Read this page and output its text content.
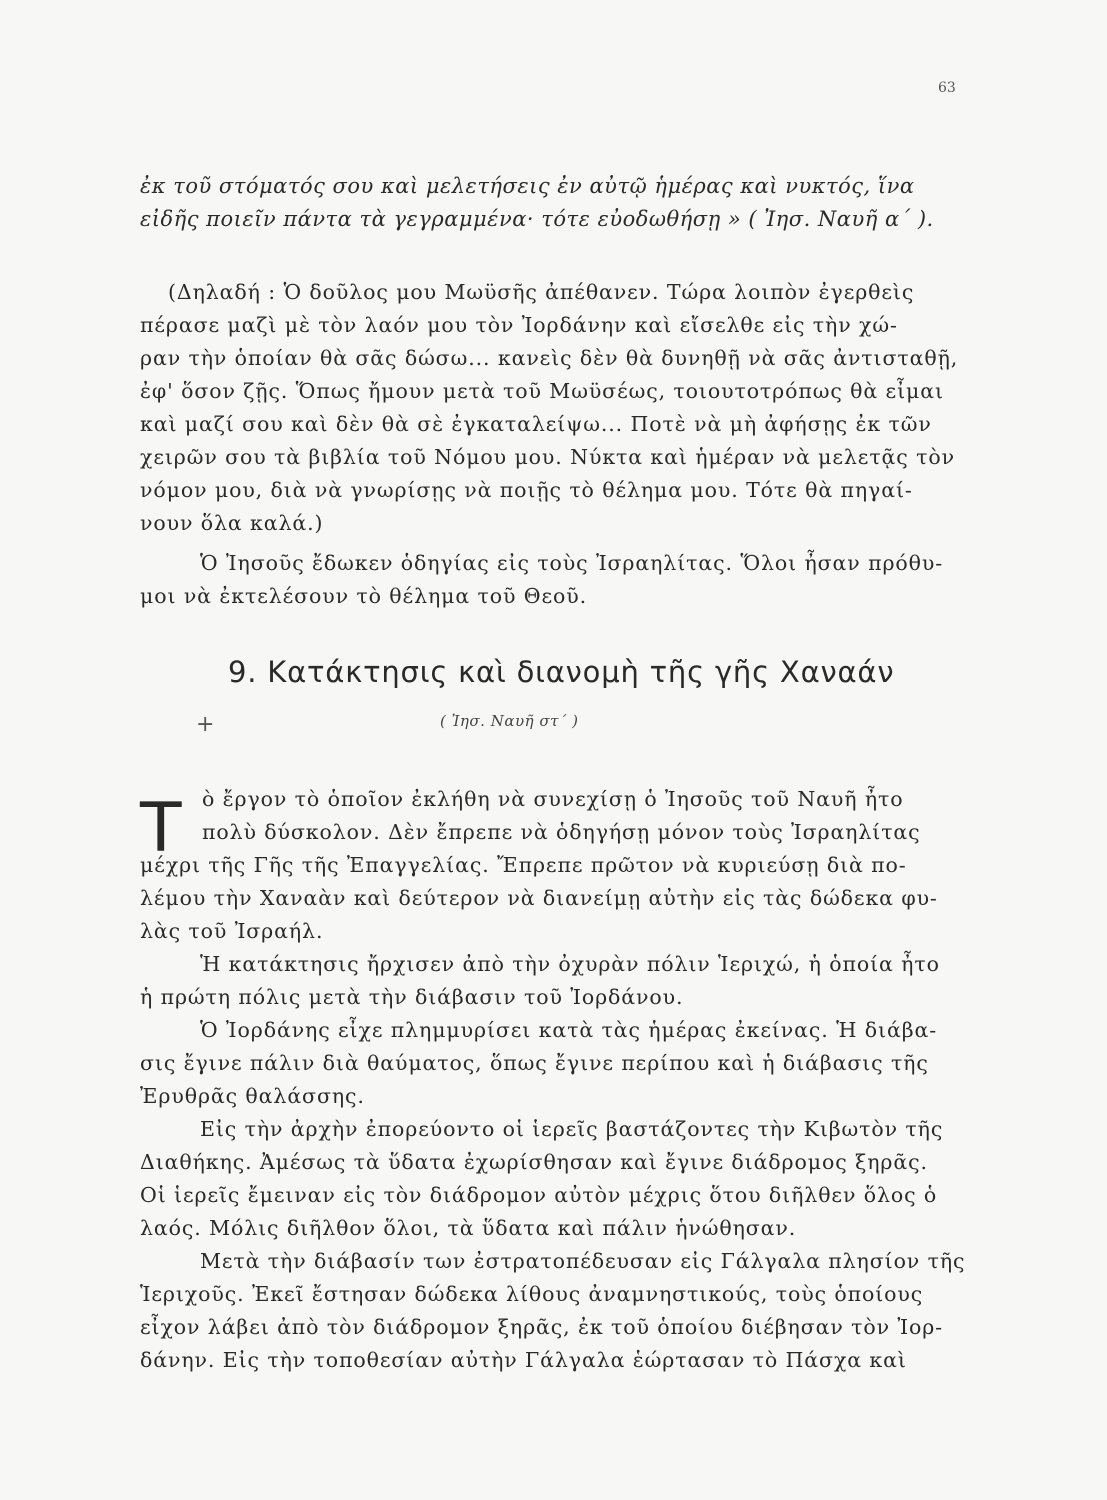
63
ἐκ τοῦ στόματός σου καὶ μελετήσεις ἐν αὐτῷ ἡμέρας καὶ νυκτός, ἵνα
εἰδῆς ποιεῖν πάντα τὰ γεγραμμένα· τότε εὐοδωθήσῃ » ( Ἰησ. Ναυῆ α΄ ).
(Δηλαδή : Ὁ δοῦλος μου Μωϋσῆς ἀπέθανεν. Τώρα λοιπὸν ἐγερθεὶς
πέρασε μαζὶ μὲ τὸν λαόν μου τὸν Ἰορδάνην καὶ εἴσελθε εἰς τὴν χώ-
ραν τὴν ὁποίαν θὰ σᾶς δώσω... κανεὶς δὲν θὰ δυνηθῇ νὰ σᾶς ἀντισταθῇ,
ἐφ' ὅσον ζῇς. Ὅπως ἤμουν μετὰ τοῦ Μωϋσέως, τοιουτοτρόπως θὰ εἶμαι
καὶ μαζί σου καὶ δὲν θὰ σὲ ἐγκαταλείψω... Ποτὲ νὰ μὴ ἀφήσῃς ἐκ τῶν
χειρῶν σου τὰ βιβλία τοῦ Νόμου μου. Νύκτα καὶ ἡμέραν νὰ μελετᾷς τὸν
νόμον μου, διὰ νὰ γνωρίσῃς νὰ ποιῇς τὸ θέλημα μου. Τότε θὰ πηγαί-
νουν ὅλα καλά.)
Ὁ Ἰησοῦς ἔδωκεν ὁδηγίας εἰς τοὺς Ἰσραηλίτας. Ὅλοι ἦσαν πρόθυ-
μοι νὰ ἐκτελέσουν τὸ θέλημα τοῦ Θεοῦ.
9. Κατάκτησις καὶ διανομὴ τῆς γῆς Χαναάν
+	( Ἰησ. Ναυῆ στ΄ )
Τ ὸ ἔργον τὸ ὁποῖον ἐκλήθη νὰ συνεχίσῃ ὁ Ἰησοῦς τοῦ Ναυῆ ἦτο
πολὺ δύσκολον. Δὲν ἔπρεπε νὰ ὁδηγήσῃ μόνον τοὺς Ἰσραηλίτας
μέχρι τῆς Γῆς τῆς Ἐπαγγελίας. Ἔπρεπε πρῶτον νὰ κυριεύσῃ διὰ πο-
λέμου τὴν Χαναὰν καὶ δεύτερον νὰ διανείμῃ αὐτὴν εἰς τὰς δώδεκα φυ-
λὰς τοῦ Ἰσραήλ.
Ἡ κατάκτησις ἤρχισεν ἀπὸ τὴν ὀχυρὰν πόλιν Ἱεριχώ, ἡ ὁποία ἦτο
ἡ πρώτη πόλις μετὰ τὴν διάβασιν τοῦ Ἰορδάνου.
Ὁ Ἰορδάνης εἶχε πλημμυρίσει κατὰ τὰς ἡμέρας ἐκείνας. Ἡ διάβα-
σις ἔγινε πάλιν διὰ θαύματος, ὅπως ἔγινε περίπου καὶ ἡ διάβασις τῆς
Ἐρυθρᾶς θαλάσσης.
Εἰς τὴν ἀρχὴν ἐπορεύοντο οἱ ἱερεῖς βαστάζοντες τὴν Κιβωτὸν τῆς
Διαθήκης. Ἀμέσως τὰ ὕδατα ἐχωρίσθησαν καὶ ἔγινε διάδρομος ξηρᾶς.
Οἱ ἱερεῖς ἔμειναν εἰς τὸν διάδρομον αὐτὸν μέχρις ὅτου διῆλθεν ὅλος ὁ
λαός. Μόλις διῆλθον ὅλοι, τὰ ὕδατα καὶ πάλιν ἡνώθησαν.
Μετὰ τὴν διάβασίν των ἐστρατοπέδευσαν εἰς Γάλγαλα πλησίον τῆς
Ἱεριχοῦς. Ἐκεῖ ἔστησαν δώδεκα λίθους ἀναμνηστικούς, τοὺς ὁποίους
εἶχον λάβει ἀπὸ τὸν διάδρομον ξηρᾶς, ἐκ τοῦ ὁποίου διέβησαν τὸν Ἰορ-
δάνην. Εἰς τὴν τοποθεσίαν αὐτὴν Γάλγαλα ἑώρτασαν τὸ Πάσχα καὶ
